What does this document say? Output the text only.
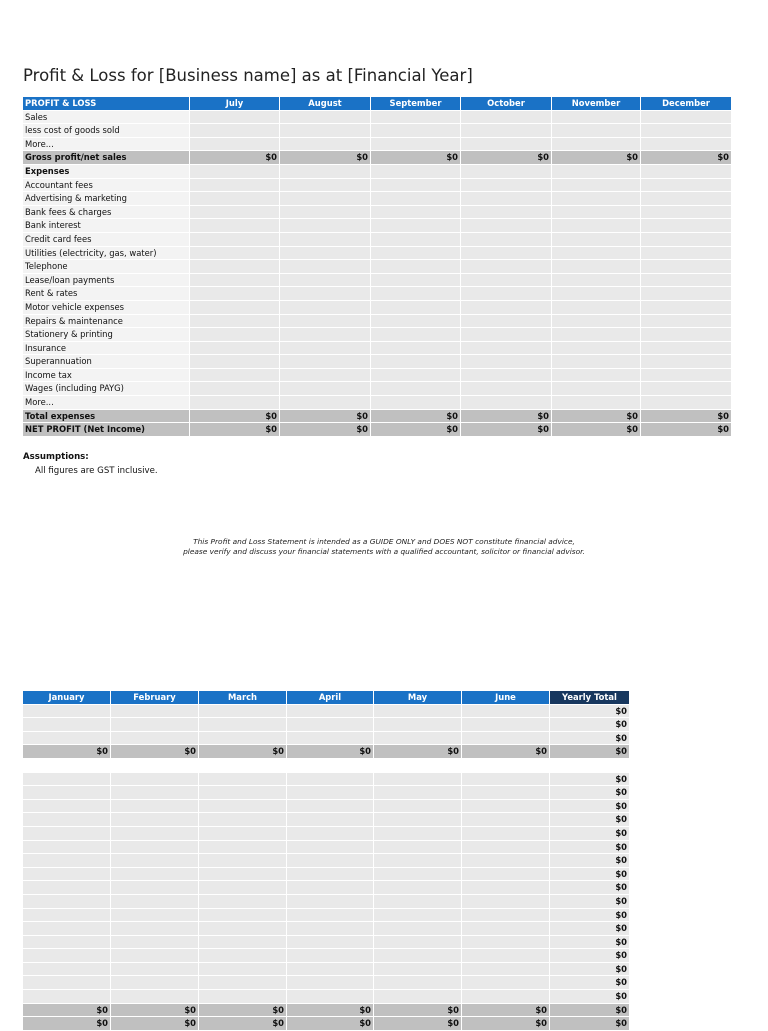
Profit & Loss for [Business name] as at [Financial Year]
PROFIT & LOSS	July	August	September	October	November	December
Sales						
less cost of goods sold						
More...						
Gross profit/net sales	$0	$0	$0	$0	$0	$0
Expenses						
Accountant fees						
Advertising & marketing						
Bank fees & charges						
Bank interest						
Credit card fees						
Utilities (electricity, gas, water)						
Telephone						
Lease/loan payments						
Rent & rates						
Motor vehicle expenses						
Repairs & maintenance						
Stationery & printing						
Insurance						
Superannuation						
Income tax						
Wages (including PAYG)						
More...						
Total expenses	$0	$0	$0	$0	$0	$0
NET PROFIT (Net Income)	$0	$0	$0	$0	$0	$0
Assumptions:
All figures are GST inclusive.
This Profit and Loss Statement is intended as a GUIDE ONLY and DOES NOT constitute financial advice,
please verify and discuss your financial statements with a qualified accountant, solicitor or financial advisor.
January	February	March	April	May	June	Yearly Total
						$0
						$0
						$0
$0	$0	$0	$0	$0	$0	$0

						$0
						$0
						$0
						$0
						$0
						$0
						$0
						$0
						$0
						$0
						$0
						$0
						$0
						$0
						$0
						$0
						$0
$0	$0	$0	$0	$0	$0	$0
$0	$0	$0	$0	$0	$0	$0
